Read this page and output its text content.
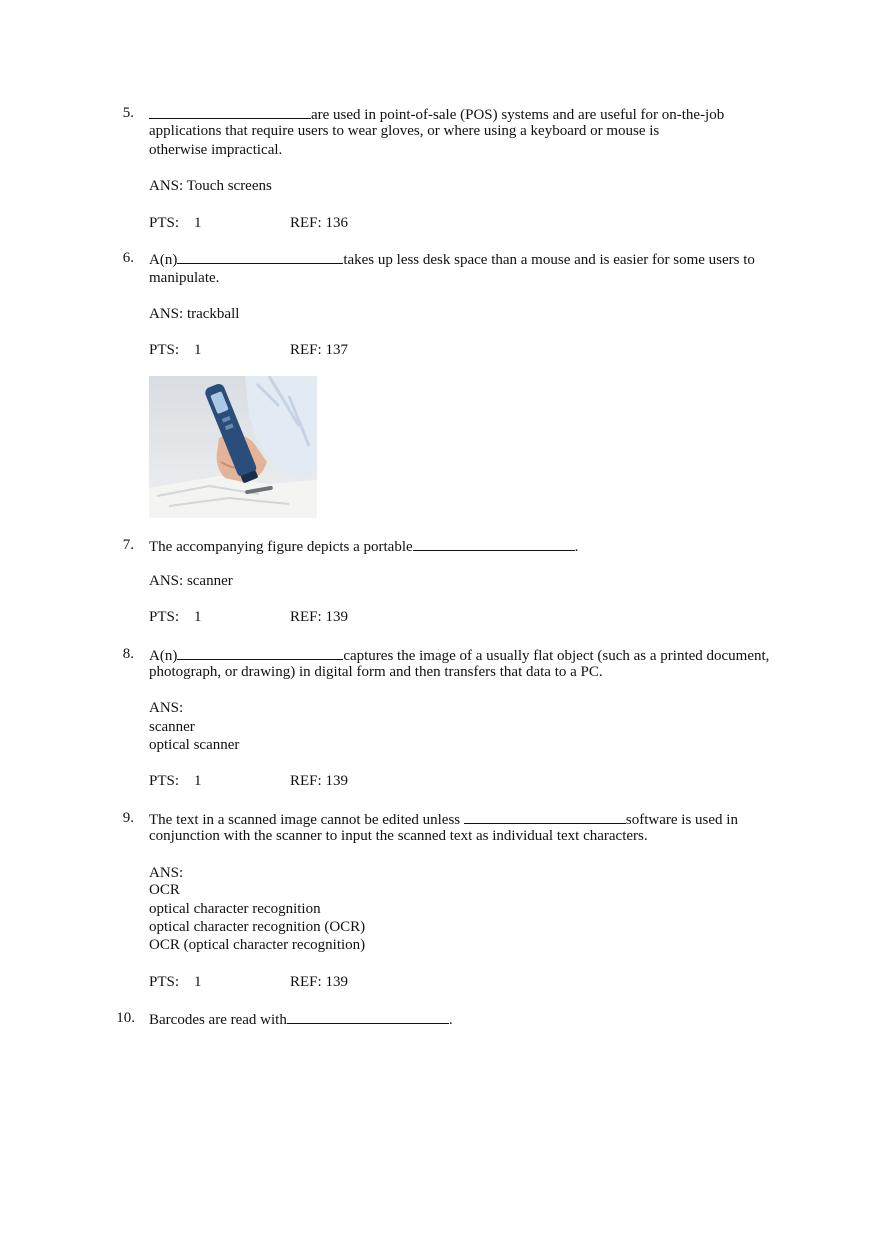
5.	are used in point-of-sale (POS) systems and are useful for on-the-job
applications that require users to wear gloves, or where using a keyboard or mouse is
otherwise impractical.
ANS: Touch screens
PTS: 1	REF: 136
6. A(n)	takes up less desk space than a mouse and is easier for some users to
manipulate.
ANS: trackball
PTS: 1	REF: 137
7. The accompanying figure depicts a portable	.
ANS: scanner
PTS: 1	REF: 139
8. A(n)	captures the image of a usually flat object (such as a printed document,
photograph, or drawing) in digital form and then transfers that data to a PC.
ANS:
scanner
optical scanner
PTS: 1	REF: 139
9. The text in a scanned image cannot be edited unless	software is used in
conjunction with the scanner to input the scanned text as individual text characters.
ANS:
OCR
optical character recognition
optical character recognition (OCR)
OCR (optical character recognition)
PTS: 1	REF: 139
10. Barcodes are read with	.
